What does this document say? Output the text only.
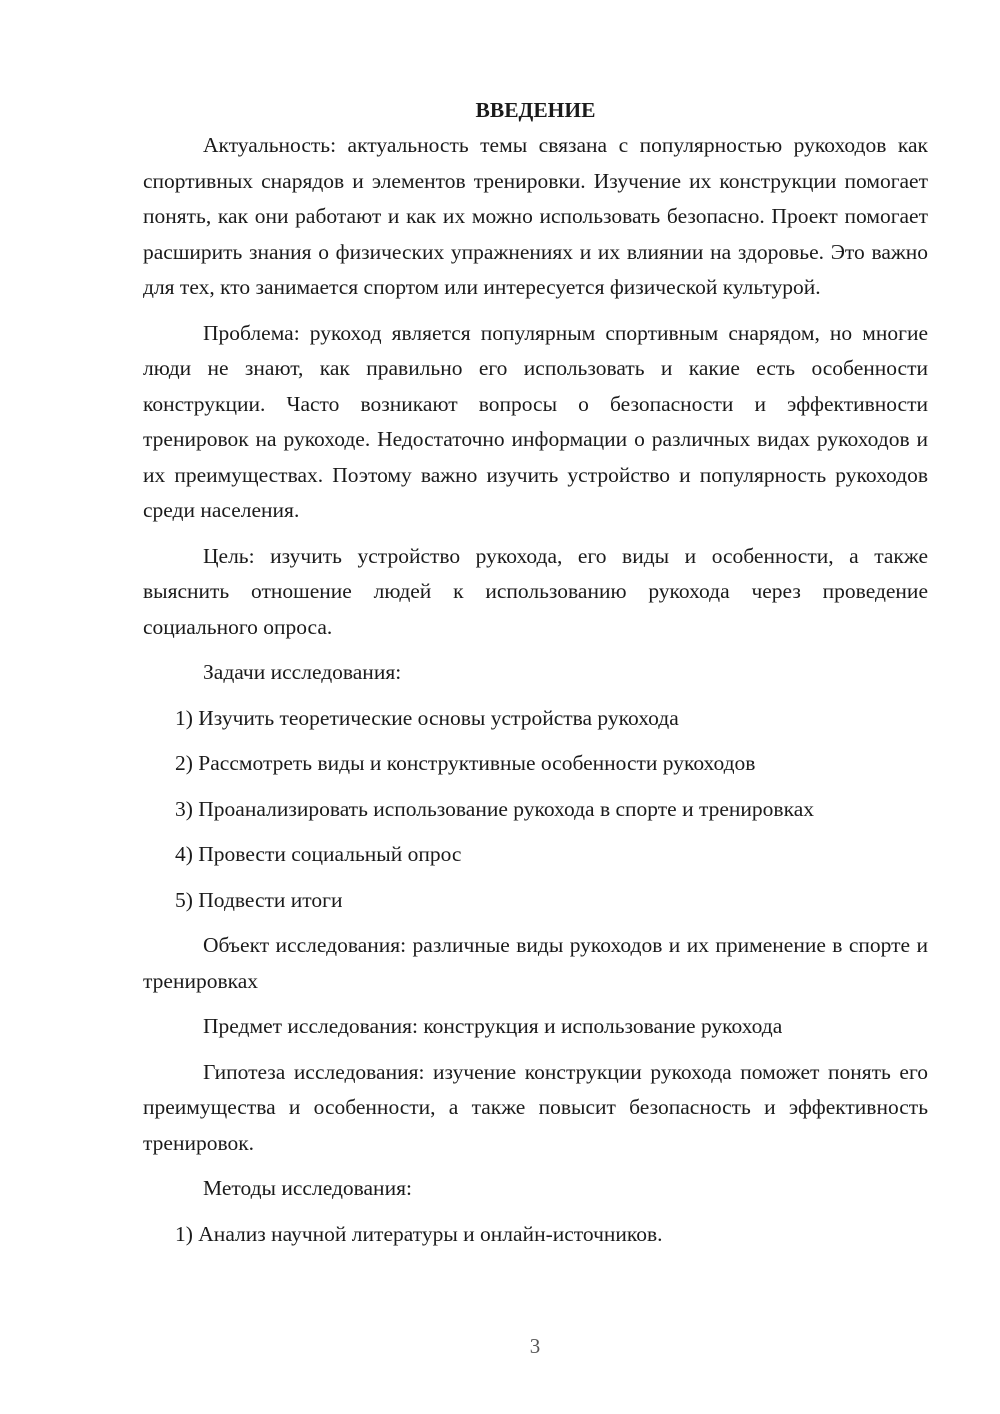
ВВЕДЕНИЕ

Актуальность: актуальность темы связана с популярностью рукоходов как спортивных снарядов и элементов тренировки. Изучение их конструкции помогает понять, как они работают и как их можно использовать безопасно. Проект помогает расширить знания о физических упражнениях и их влиянии на здоровье. Это важно для тех, кто занимается спортом или интересуется физической культурой.

Проблема: рукоход является популярным спортивным снарядом, но многие люди не знают, как правильно его использовать и какие есть особенности конструкции. Часто возникают вопросы о безопасности и эффективности тренировок на рукоходе. Недостаточно информации о различных видах рукоходов и их преимуществах. Поэтому важно изучить устройство и популярность рукоходов среди населения.

Цель: изучить устройство рукохода, его виды и особенности, а также выяснить отношение людей к использованию рукохода через проведение социального опроса.

Задачи исследования:

1) Изучить теоретические основы устройства рукохода

2) Рассмотреть виды и конструктивные особенности рукоходов

3) Проанализировать использование рукохода в спорте и тренировках

4) Провести социальный опрос

5) Подвести итоги

Объект исследования: различные виды рукоходов и их применение в спорте и тренировках

Предмет исследования: конструкция и использование рукохода

Гипотеза исследования: изучение конструкции рукохода поможет понять его преимущества и особенности, а также повысит безопасность и эффективность тренировок.

Методы исследования:

1) Анализ научной литературы и онлайн-источников.

3
